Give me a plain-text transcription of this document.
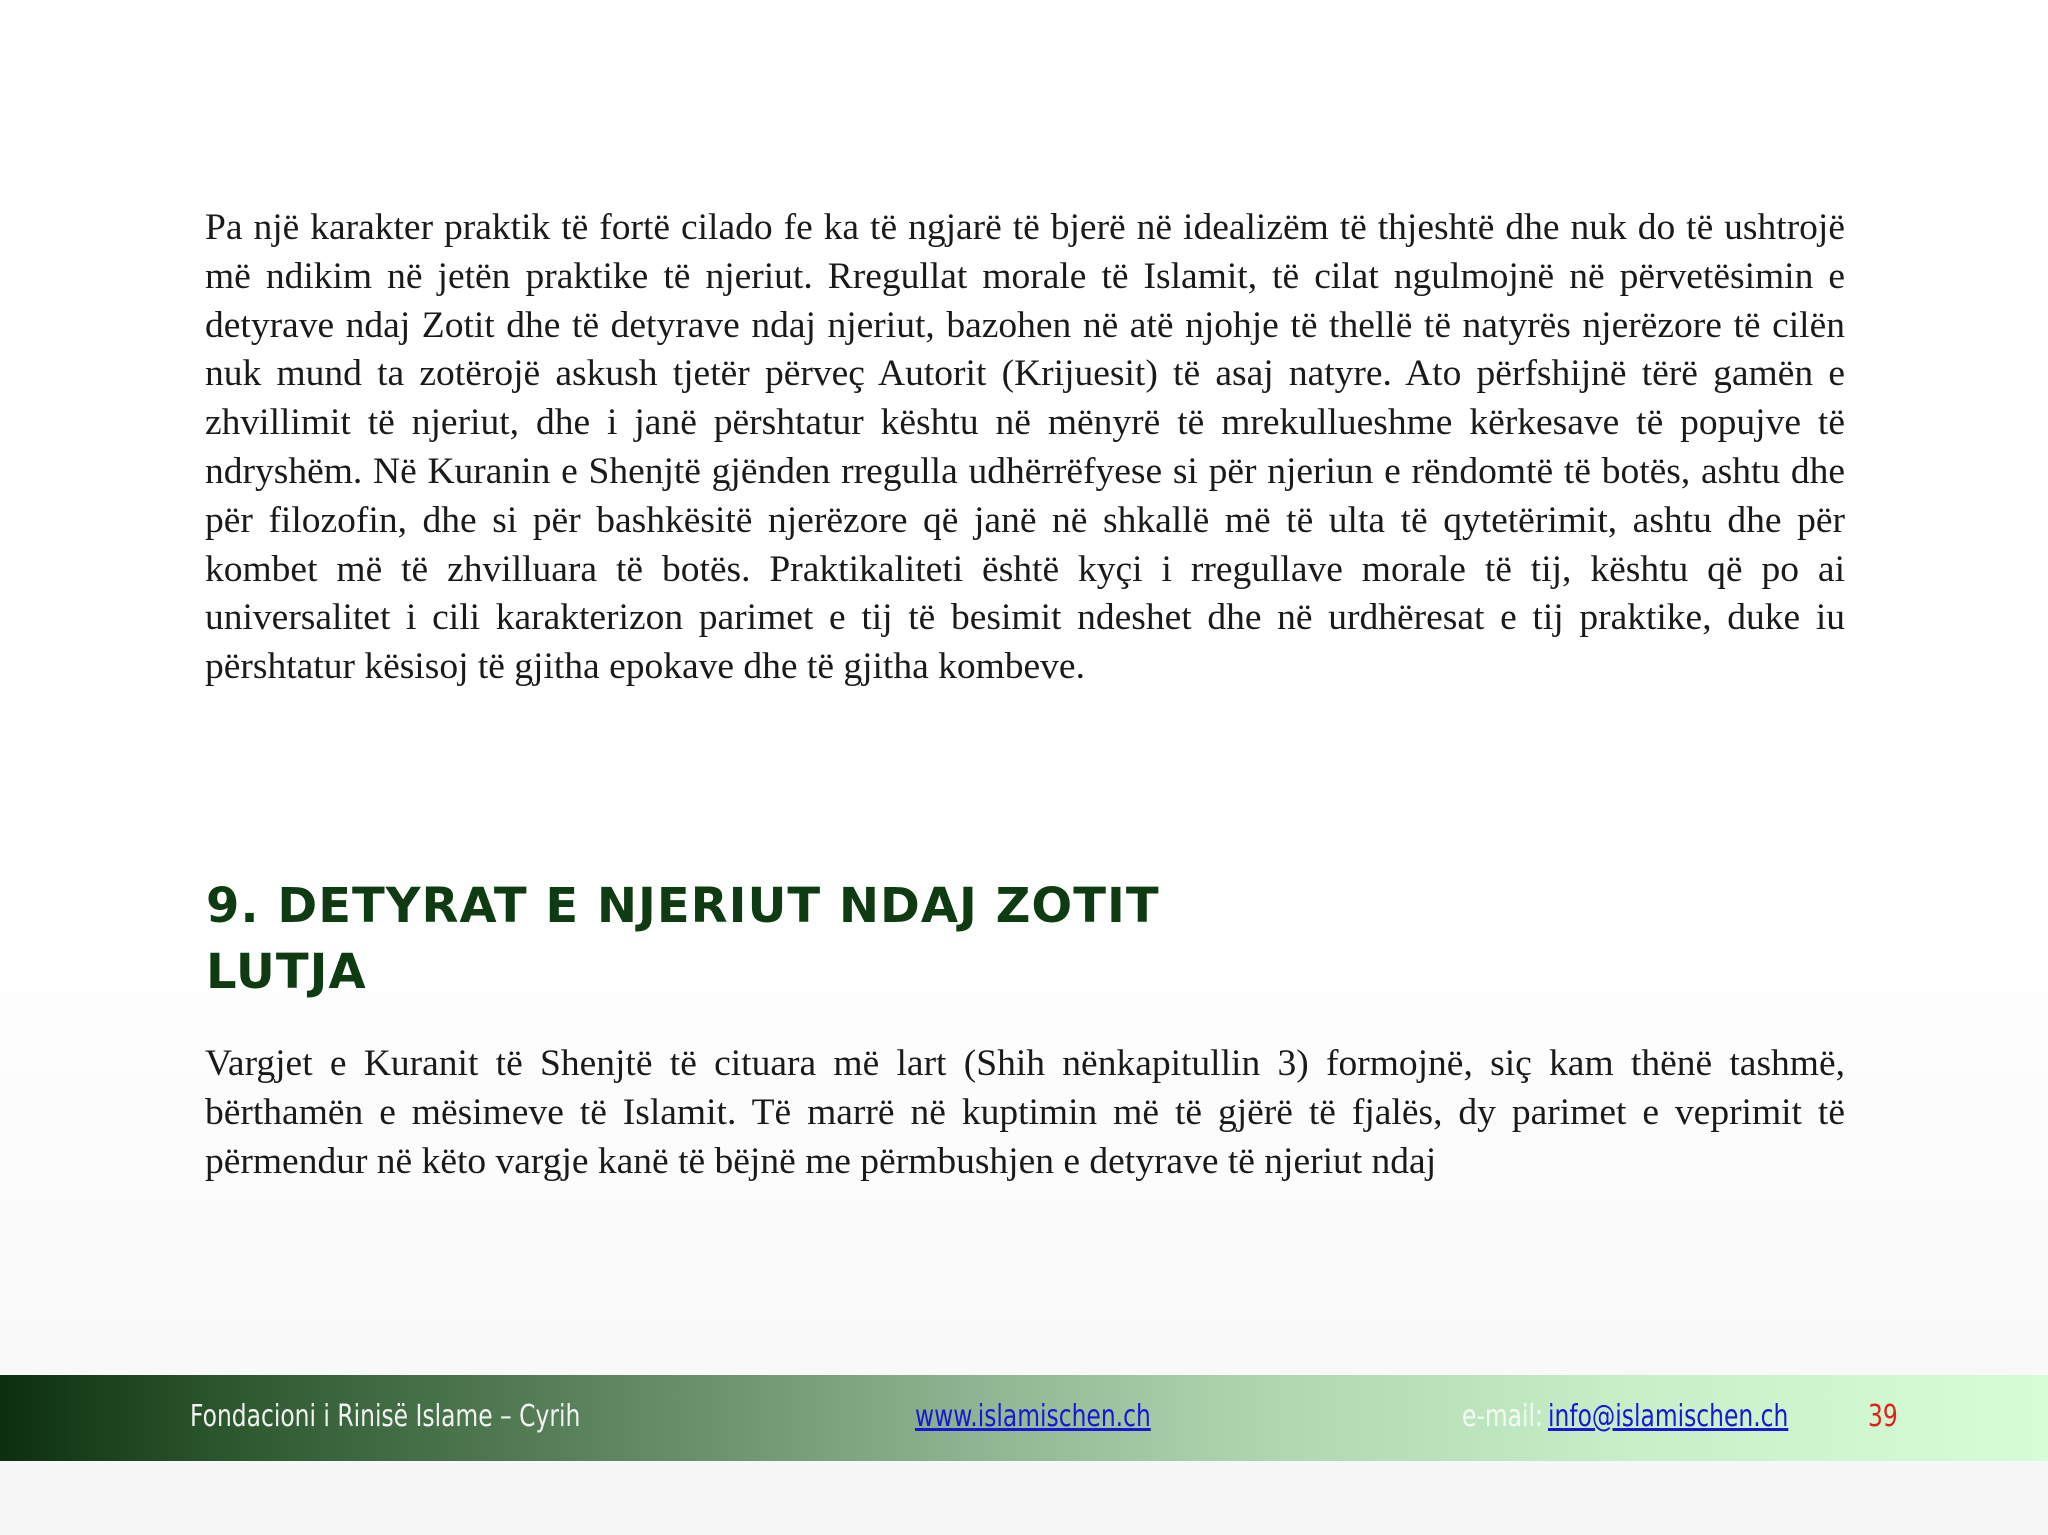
Pa një karakter praktik të fortë cilado fe ka të ngjarë të bjerë në idealizëm të thjeshtë dhe nuk do të ushtrojë më ndikim në jetën praktike të njeriut. Rregullat morale të Islamit, të cilat ngulmojnë në përvetësimin e detyrave ndaj Zotit dhe të detyrave ndaj njeriut, bazohen në atë njohje të thellë të natyrës njerëzore të cilën nuk mund ta zotërojë askush tjetër përveç Autorit (Krijuesit) të asaj natyre. Ato përfshijnë tërë gamën e zhvillimit të njeriut, dhe i janë përshtatur kështu në mënyrë të mrekullueshme kërkesave të popujve të ndryshëm. Në Kuranin e Shenjtë gjënden rregulla udhërrëfyese si për njeriun e rëndomtë të botës, ashtu dhe për filozofin, dhe si për bashkësitë njerëzore që janë në shkallë më të ulta të qytetërimit, ashtu dhe për kombet më të zhvilluara të botës. Praktikaliteti është kyçi i rregullave morale të tij, kështu që po ai universalitet i cili karakterizon parimet e tij të besimit ndeshet dhe në urdhëresat e tij praktike, duke iu përshtatur kësisoj të gjitha epokave dhe të gjitha kombeve.

9. DETYRAT E NJERIUT NDAJ ZOTIT
LUTJA

Vargjet e Kuranit të Shenjtë të cituara më lart (Shih nënkapitullin 3) formojnë, siç kam thënë tashmë, bërthamën e mësimeve të Islamit. Të marrë në kuptimin më të gjërë të fjalës, dy parimet e veprimit të përmendur në këto vargje kanë të bëjnë me përmbushjen e detyrave të njeriut ndaj

Fondacioni i Rinisë Islame – Cyrih	www.islamischen.ch	e-mail: info@islamischen.ch	39
